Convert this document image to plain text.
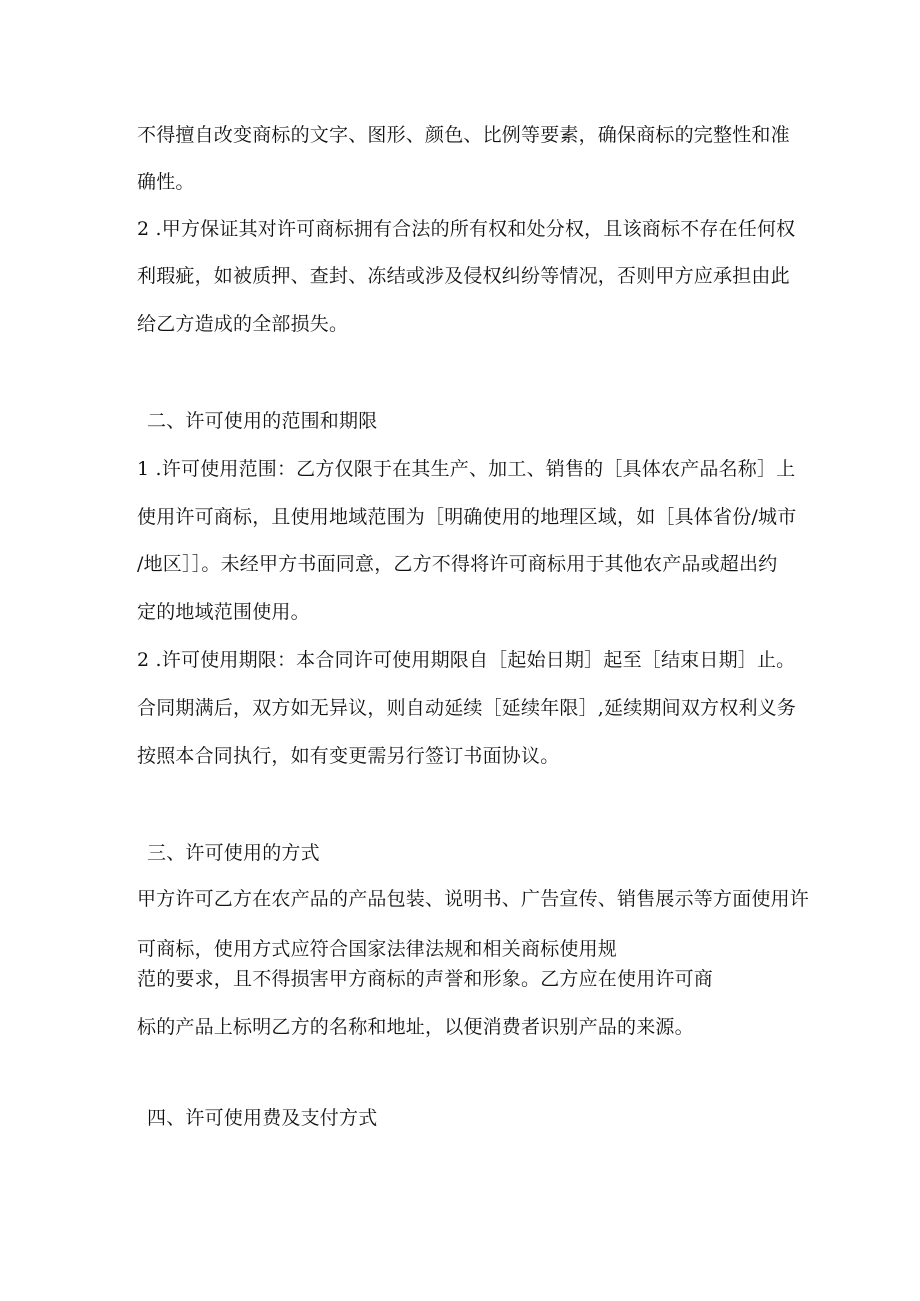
不得擅自改变商标的文字、图形、颜色、比例等要素，确保商标的完整性和准
确性。
2 .甲方保证其对许可商标拥有合法的所有权和处分权，且该商标不存在任何权
利瑕疵，如被质押、查封、冻结或涉及侵权纠纷等情况，否则甲方应承担由此
给乙方造成的全部损失。
二、许可使用的范围和期限
1 .许可使用范围：乙方仅限于在其生产、加工、销售的［具体农产品名称］上
使用许可商标，且使用地域范围为［明确使用的地理区域，如［具体省份/城市
/地区］］。未经甲方书面同意，乙方不得将许可商标用于其他农产品或超出约
定的地域范围使用。
2 .许可使用期限：本合同许可使用期限自［起始日期］起至［结束日期］止。
合同期满后，双方如无异议，则自动延续［延续年限］,延续期间双方权利义务
按照本合同执行，如有变更需另行签订书面协议。
三、许可使用的方式
甲方许可乙方在农产品的产品包装、说明书、广告宣传、销售展示等方面使用许
可商标，使用方式应符合国家法律法规和相关商标使用规
范的要求，且不得损害甲方商标的声誉和形象。乙方应在使用许可商
标的产品上标明乙方的名称和地址，以便消费者识别产品的来源。
四、许可使用费及支付方式
